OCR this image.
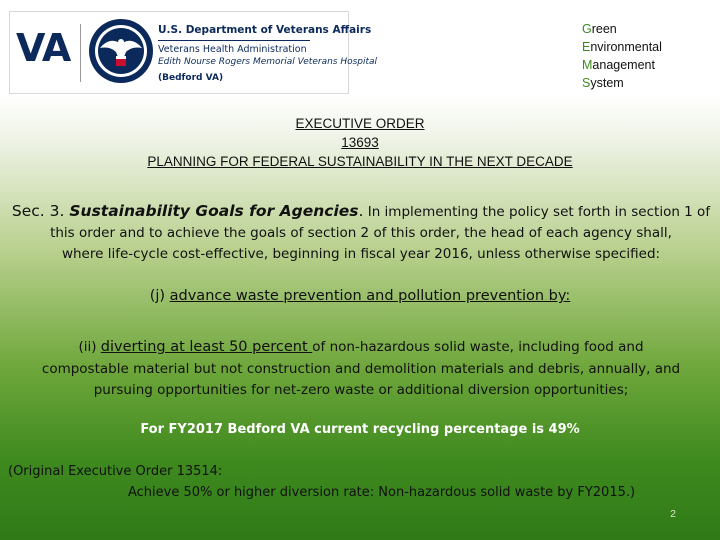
VA	U.S. Department of Veterans Affairs
Veterans Health Administration
Edith Nourse Rogers Memorial Veterans Hospital
(Bedford VA)
Green
Environmental
Management
System
EXECUTIVE ORDER
13693
PLANNING FOR FEDERAL SUSTAINABILITY IN THE NEXT DECADE
Sec. 3. Sustainability Goals for Agencies. In implementing the policy set forth in section 1 of
this order and to achieve the goals of section 2 of this order, the head of each agency shall,
where life-cycle cost-effective, beginning in fiscal year 2016, unless otherwise specified:
(j) advance waste prevention and pollution prevention by:
(ii) diverting at least 50 percent of non-hazardous solid waste, including food and
compostable material but not construction and demolition materials and debris, annually, and
pursuing opportunities for net-zero waste or additional diversion opportunities;
For FY2017 Bedford VA current recycling percentage is 49%
(Original Executive Order 13514:
Achieve 50% or higher diversion rate: Non-hazardous solid waste by FY2015.)
2
